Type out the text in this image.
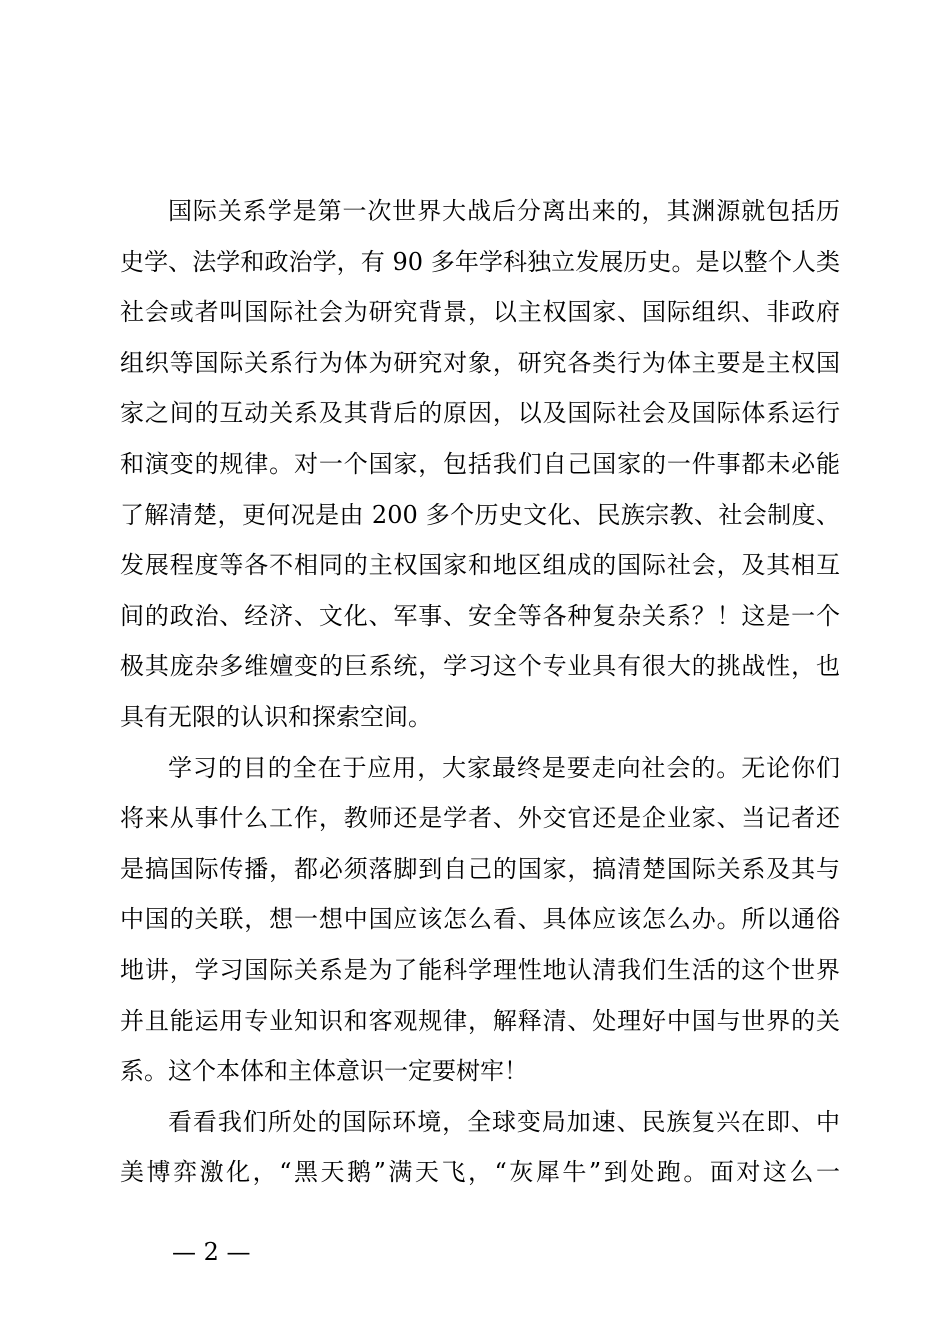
国际关系学是第一次世界大战后分离出来的，其渊源就包括历
史学、法学和政治学，有 90 多年学科独立发展历史。是以整个人类
社会或者叫国际社会为研究背景，以主权国家、国际组织、非政府
组织等国际关系行为体为研究对象，研究各类行为体主要是主权国
家之间的互动关系及其背后的原因，以及国际社会及国际体系运行
和演变的规律。对一个国家，包括我们自己国家的一件事都未必能
了解清楚，更何况是由 200 多个历史文化、民族宗教、社会制度、
发展程度等各不相同的主权国家和地区组成的国际社会，及其相互
间的政治、经济、文化、军事、安全等各种复杂关系？！这是一个
极其庞杂多维嬗变的巨系统，学习这个专业具有很大的挑战性，也
具有无限的认识和探索空间。
学习的目的全在于应用，大家最终是要走向社会的。无论你们
将来从事什么工作，教师还是学者、外交官还是企业家、当记者还
是搞国际传播，都必须落脚到自己的国家，搞清楚国际关系及其与
中国的关联，想一想中国应该怎么看、具体应该怎么办。所以通俗
地讲，学习国际关系是为了能科学理性地认清我们生活的这个世界
并且能运用专业知识和客观规律，解释清、处理好中国与世界的关
系。这个本体和主体意识一定要树牢！
看看我们所处的国际环境，全球变局加速、民族复兴在即、中
美博弈激化，“黑天鹅”满天飞，“灰犀牛”到处跑。面对这么一
— 2 —
